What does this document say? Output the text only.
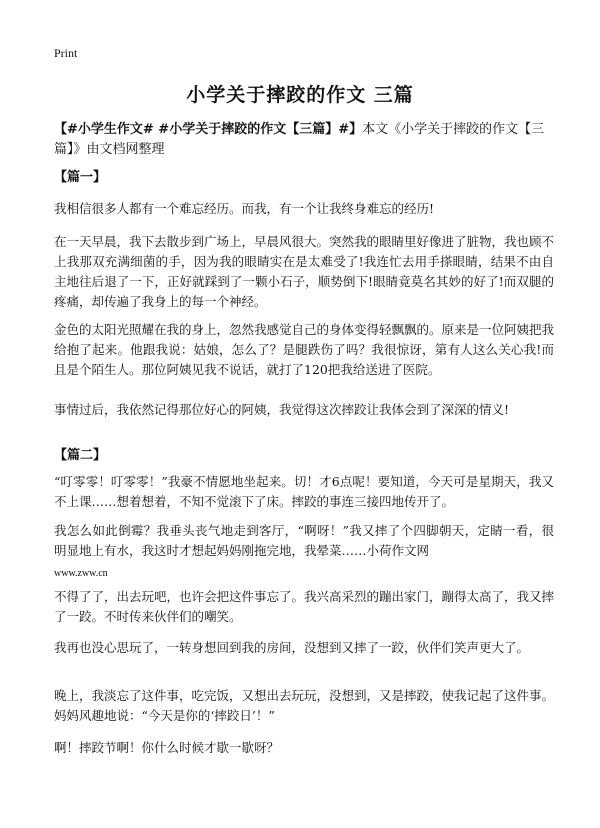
Print
小学关于摔跤的作文 三篇
【#小学生作文# #小学关于摔跤的作文【三篇】#】本文《小学关于摔跤的作文【三篇】》由文档网整理
【篇一】
我相信很多人都有一个难忘经历。而我，有一个让我终身难忘的经历!
在一天早晨，我下去散步到广场上，早晨风很大。突然我的眼睛里好像进了脏物，我也顾不上我那双充满细菌的手，因为我的眼睛实在是太难受了!我连忙去用手搽眼睛，结果不由自主地往后退了一下，正好就踩到了一颗小石子，顺势倒下!眼睛竟莫名其妙的好了!而双腿的疼痛，却传遍了我身上的每一个神经。
金色的太阳光照耀在我的身上，忽然我感觉自己的身体变得轻飘飘的。原来是一位阿姨把我给抱了起来。他跟我说：姑娘，怎么了？是腿跌伤了吗？我很惊讶，第有人这么关心我!而且是个陌生人。那位阿姨见我不说话，就打了120把我给送进了医院。
事情过后，我依然记得那位好心的阿姨，我觉得这次摔跤让我体会到了深深的情义!
【篇二】
“叮零零！叮零零！”我豪不情愿地坐起来。切！才6点呢！要知道，今天可是星期天，我又不上课……想着想着，不知不觉滚下了床。摔跤的事连三接四地传开了。
我怎么如此倒霉？我垂头丧气地走到客厅，“啊呀！”我又摔了个四脚朝天，定睛一看，很明显地上有水，我这时才想起妈妈刚拖完地，我晕菜……小荷作文网
www.zww.cn
不得了了，出去玩吧，也许会把这件事忘了。我兴高采烈的蹦出家门，蹦得太高了，我又摔了一跤。不时传来伙伴们的嘲笑。
我再也没心思玩了，一转身想回到我的房间，没想到又摔了一跤，伙伴们笑声更大了。
晚上，我淡忘了这件事，吃完饭，又想出去玩玩，没想到，又是摔跤，使我记起了这件事。妈妈风趣地说：“今天是你的‘摔跤日’！”
啊！摔跤节啊！你什么时候才歇一歇呀？
